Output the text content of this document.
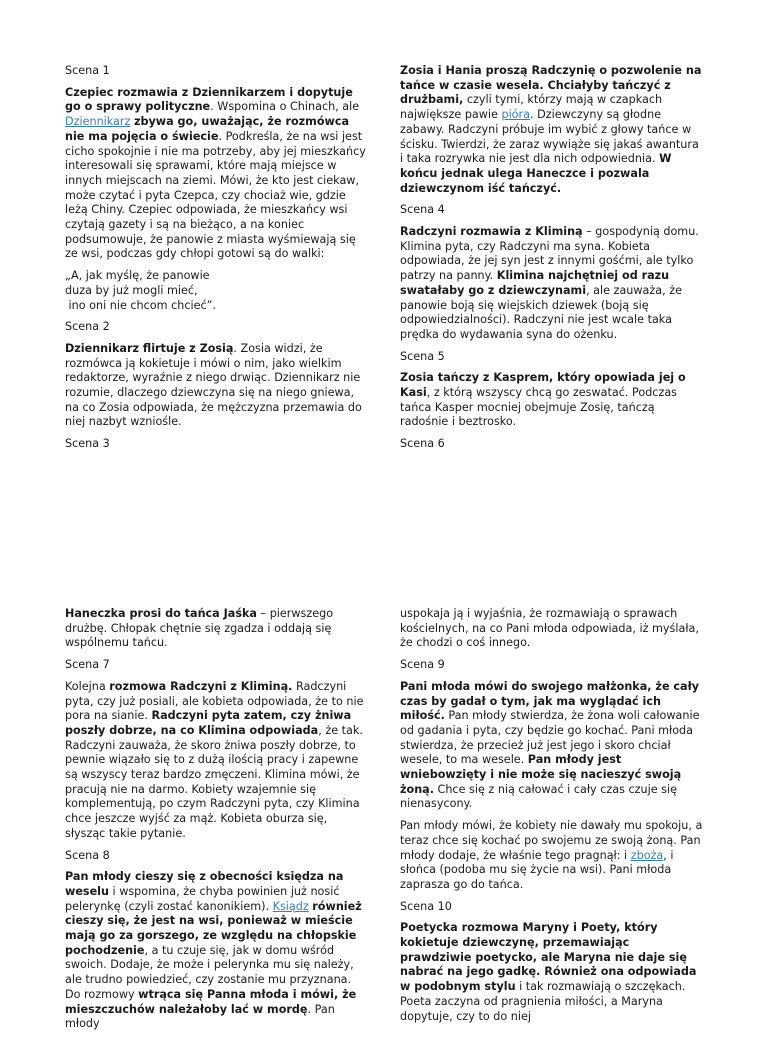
Scena 1

Czepiec rozmawia z Dziennikarzem i dopytuje go o sprawy polityczne. Wspomina o Chinach, ale Dziennikarz zbywa go, uważając, że rozmówca nie ma pojęcia o świecie. Podkreśla, że na wsi jest cicho spokojnie i nie ma potrzeby, aby jej mieszkańcy interesowali się sprawami, które mają miejsce w innych miejscach na ziemi. Mówi, że kto jest ciekaw, może czytać i pyta Czepca, czy chociaż wie, gdzie leżą Chiny. Czepiec odpowiada, że mieszkańcy wsi czytają gazety i są na bieżąco, a na koniec podsumowuje, że panowie z miasta wyśmiewają się ze wsi, podczas gdy chłopi gotowi są do walki:

„A, jak myślę, że panowie
duza by już mogli mieć,
ino oni nie chcom chcieć”.

Scena 2

Dziennikarz flirtuje z Zosią. Zosia widzi, że rozmówca ją kokietuje i mówi o nim, jako wielkim redaktorze, wyraźnie z niego drwiąc. Dziennikarz nie rozumie, dlaczego dziewczyna się na niego gniewa, na co Zosia odpowiada, że mężczyzna przemawia do niej nazbyt wzniośle.

Scena 3

Zosia i Hania proszą Radczynię o pozwolenie na tańce w czasie wesela. Chciałyby tańczyć z drużbami, czyli tymi, którzy mają w czapkach największe pawie pióra. Dziewczyny są głodne zabawy. Radczyni próbuje im wybić z głowy tańce w ścisku. Twierdzi, że zaraz wywiąże się jakaś awantura i taka rozrywka nie jest dla nich odpowiednia. W końcu jednak ulega Haneczce i pozwala dziewczynom iść tańczyć.

Scena 4

Radczyni rozmawia z Kliminą – gospodynią domu. Klimina pyta, czy Radczyni ma syna. Kobieta odpowiada, że jej syn jest z innymi gośćmi, ale tylko patrzy na panny. Klimina najchętniej od razu swatałaby go z dziewczynami, ale zauważa, że panowie boją się wiejskich dziewek (boją się odpowiedzialności). Radczyni nie jest wcale taka prędka do wydawania syna do ożenku.

Scena 5

Zosia tańczy z Kasprem, który opowiada jej o Kasi, z którą wszyscy chcą go zeswatać. Podczas tańca Kasper mocniej obejmuje Zosię, tańczą radośnie i beztrosko.

Scena 6

Haneczka prosi do tańca Jaśka – pierwszego drużbę. Chłopak chętnie się zgadza i oddają się wspólnemu tańcu.

Scena 7

Kolejna rozmowa Radczyni z Kliminą. Radczyni pyta, czy już posiali, ale kobieta odpowiada, że to nie pora na sianie. Radczyni pyta zatem, czy żniwa poszły dobrze, na co Klimina odpowiada, że tak. Radczyni zauważa, że skoro żniwa poszły dobrze, to pewnie wiązało się to z dużą ilością pracy i zapewne są wszyscy teraz bardzo zmęczeni. Klimina mówi, że pracują nie na darmo. Kobiety wzajemnie się komplementują, po czym Radczyni pyta, czy Klimina chce jeszcze wyjść za mąż. Kobieta oburza się, słysząc takie pytanie.

Scena 8

Pan młody cieszy się z obecności księdza na weselu i wspomina, że chyba powinien już nosić pelerynkę (czyli zostać kanonikiem). Ksiądz również cieszy się, że jest na wsi, ponieważ w mieście mają go za gorszego, ze względu na chłopskie pochodzenie, a tu czuje się, jak w domu wśród swoich. Dodaje, że może i pelerynka mu się należy, ale trudno powiedzieć, czy zostanie mu przyznana. Do rozmowy wtrąca się Panna młoda i mówi, że mieszczuchów należałoby lać w mordę. Pan młody

uspokaja ją i wyjaśnia, że rozmawiają o sprawach kościelnych, na co Pani młoda odpowiada, iż myślała, że chodzi o coś innego.

Scena 9

Pani młoda mówi do swojego małżonka, że cały czas by gadał o tym, jak ma wyglądać ich miłość. Pan młody stwierdza, że żona woli całowanie od gadania i pyta, czy będzie go kochać. Pani młoda stwierdza, że przecież już jest jego i skoro chciał wesele, to ma wesele. Pan młody jest wniebowzięty i nie może się nacieszyć swoją żoną. Chce się z nią całować i cały czas czuje się nienasycony.

Pan młody mówi, że kobiety nie dawały mu spokoju, a teraz chce się kochać po swojemu ze swoją żoną. Pan młody dodaje, że właśnie tego pragnął: i zboża, i słońca (podoba mu się życie na wsi). Pani młoda zaprasza go do tańca.

Scena 10

Poetycka rozmowa Maryny i Poety, który kokietuje dziewczynę, przemawiając prawdziwie poetycko, ale Maryna nie daje się nabrać na jego gadkę. Również ona odpowiada w podobnym stylu i tak rozmawiają o szczękach. Poeta zaczyna od pragnienia miłości, a Maryna dopytuje, czy to do niej
